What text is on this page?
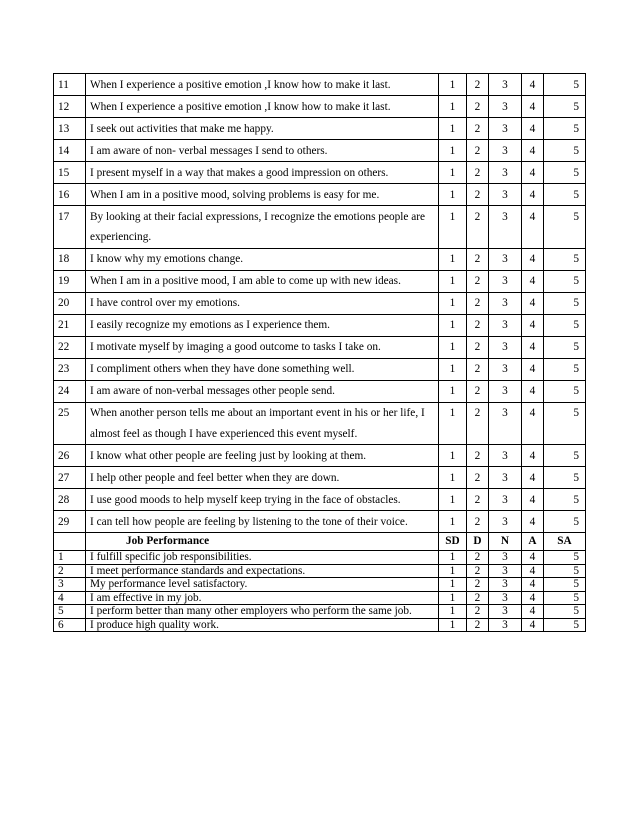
11	When I experience a positive emotion ,I know how to make it last.	1	2	3	4	5
12	When I experience a positive emotion ,I know how to make it last.	1	2	3	4	5
13	I seek out activities that make me happy.	1	2	3	4	5
14	I am aware of non- verbal messages I send to others.	1	2	3	4	5
15	I present myself in a way that makes a good impression on others.	1	2	3	4	5
16	When I am in a positive mood, solving problems is easy for me.	1	2	3	4	5
17	By looking at their facial expressions, I recognize the emotions people are experiencing.	1	2	3	4	5
18	I know why my emotions change.	1	2	3	4	5
19	When I am in a positive mood, I am able to come up with new ideas.	1	2	3	4	5
20	I have control over my emotions.	1	2	3	4	5
21	I easily recognize my emotions as I experience them.	1	2	3	4	5
22	I motivate myself by imaging a good outcome to tasks I take on.	1	2	3	4	5
23	I compliment others when they have done something well.	1	2	3	4	5
24	I am aware of non-verbal messages other people send.	1	2	3	4	5
25	When another person tells me about an important event in his or her life, I almost feel as though I have experienced this event myself.	1	2	3	4	5
26	I know what other people are feeling just by looking at them.	1	2	3	4	5
27	I help other people and feel better when they are down.	1	2	3	4	5
28	I use good moods to help myself keep trying in the face of obstacles.	1	2	3	4	5
29	I can tell how people are feeling by listening to the tone of their voice.	1	2	3	4	5
	Job Performance	SD	D	N	A	SA
1	I fulfill specific job responsibilities.	1	2	3	4	5
2	I meet performance standards and expectations.	1	2	3	4	5
3	My performance level satisfactory.	1	2	3	4	5
4	I am effective in my job.	1	2	3	4	5
5	I perform better than many other employers who perform the same job.	1	2	3	4	5
6	I produce high quality work.	1	2	3	4	5
